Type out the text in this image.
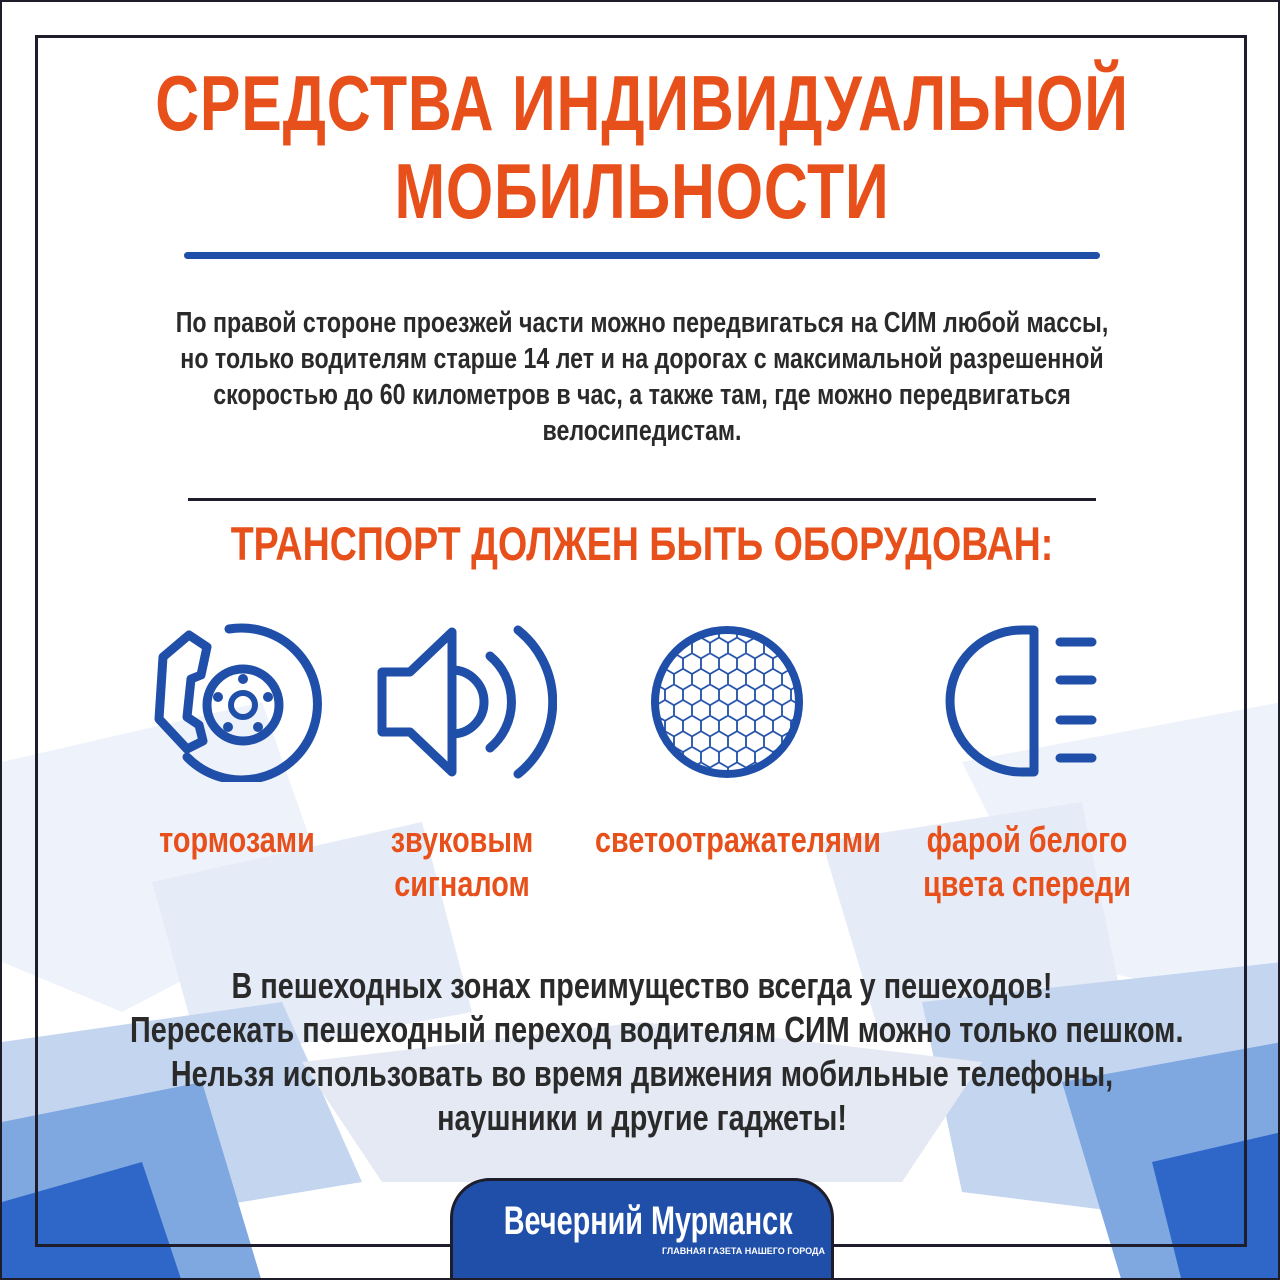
СРЕДСТВА ИНДИВИДУАЛЬНОЙ
МОБИЛЬНОСТИ
По правой стороне проезжей части можно передвигаться на СИМ любой массы,
но только водителям старше 14 лет и на дорогах с максимальной разрешенной
скоростью до 60 километров в час, а также там, где можно передвигаться
велосипедистам.
ТРАНСПОРТ ДОЛЖЕН БЫТЬ ОБОРУДОВАН:
тормозами	звуковым
сигналом
светоотражателями	фарой белого
цвета спереди
В пешеходных зонах преимущество всегда у пешеходов!
Пересекать пешеходный переход водителям СИМ можно только пешком.
Нельзя использовать во время движения мобильные телефоны,
наушники и другие гаджеты!
Вечерний Мурманск
ГЛАВНАЯ ГАЗЕТА НАШЕГО ГОРОДА
